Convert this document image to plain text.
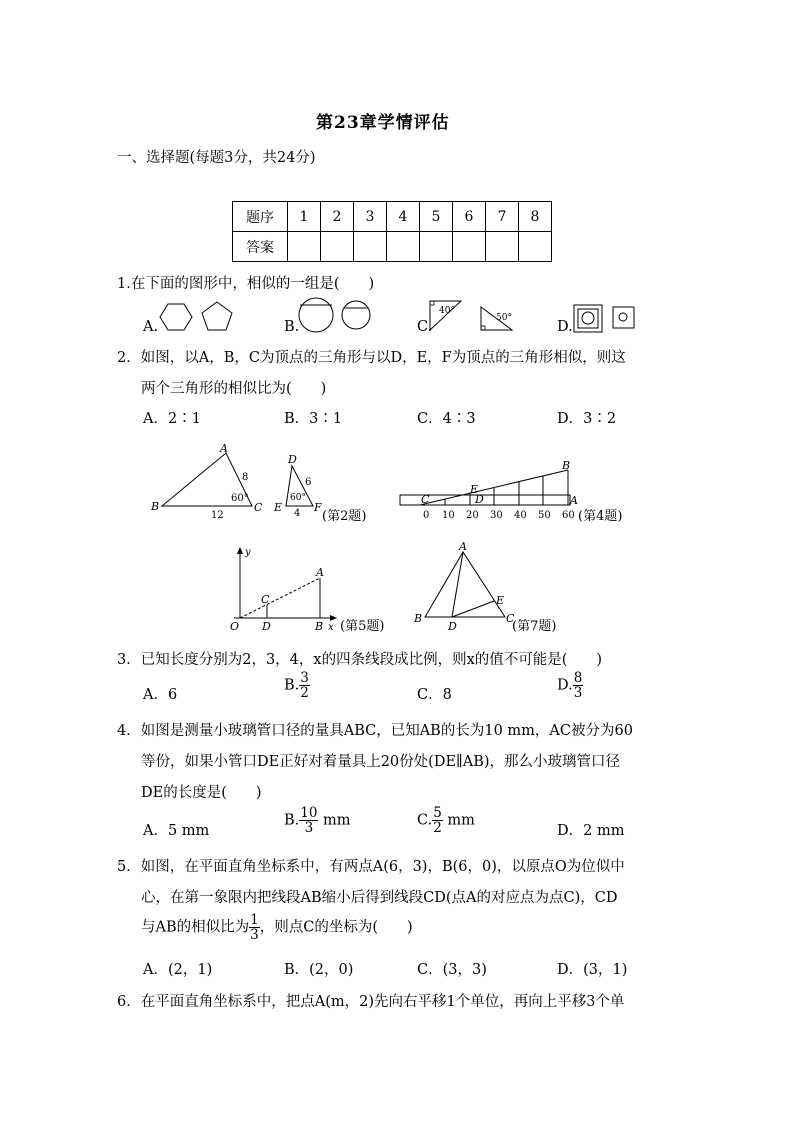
第23章学情评估
一、选择题(每题3分，共24分)
题序	1	2	3	4	5	6	7	8
答案								
1.在下面的图形中，相似的一组是(　　)
A.	B.	C.	D.
40°
50°
2．如图，以A，B，C为顶点的三角形与以D，E，F为顶点的三角形相似，则这
两个三角形的相似比为(　　)
A．2∶1	B．3∶1	C．4∶3	D．3∶2
A
B	C
8
12
60°
D
E	F
6
4
60°
(第2题)
B
A
C
E
D
0 10 20 30 40 50 60 (第4题)
y
x
O
C
D
A
B (第5题)
A
B	C
D
E
(第7题)
3．已知长度分别为2，3，4，x的四条线段成比例，则x的值不可能是(　　)
A．6
B. $\frac{3}{2}$	C．8
D. $\frac{8}{3}$
4．如图是测量小玻璃管口径的量具ABC，已知AB的长为10 mm，AC被分为60
等份，如果小管口DE正好对着量具上20份处(DE∥AB)，那么小玻璃管口径
DE的长度是(　　)
A．5 mm
B. $\frac{10}{3}$ mm	C. $\frac{5}{2}$ mm
D．2 mm
5．如图，在平面直角坐标系中，有两点A(6，3)，B(6，0)，以原点O为位似中
心，在第一象限内把线段AB缩小后得到线段CD(点A的对应点为点C)，CD
与AB的相似比为 $\frac{1}{3}$ ，则点C的坐标为(　　)
A．(2，1)	B．(2，0)	C．(3，3)	D．(3，1)
6．在平面直角坐标系中，把点A(m，2)先向右平移1个单位，再向上平移3个单
